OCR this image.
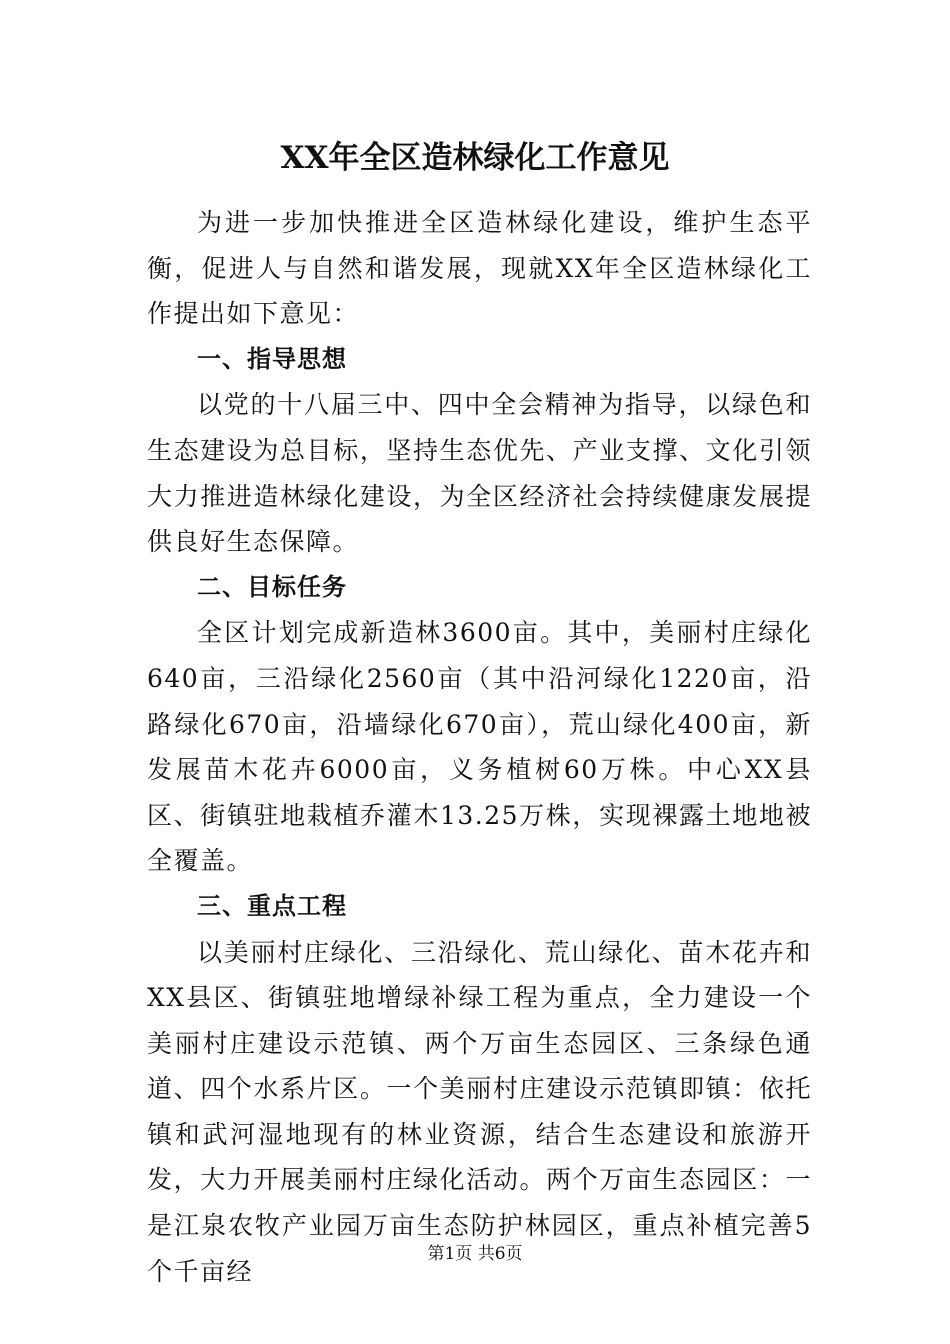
XX年全区造林绿化工作意见

为进一步加快推进全区造林绿化建设，维护生态平衡，促进人与自然和谐发展，现就XX年全区造林绿化工作提出如下意见：

一、指导思想

以党的十八届三中、四中全会精神为指导，以绿色和生态建设为总目标，坚持生态优先、产业支撑、文化引领大力推进造林绿化建设，为全区经济社会持续健康发展提供良好生态保障。

二、目标任务

全区计划完成新造林3600亩。其中，美丽村庄绿化640亩，三沿绿化2560亩（其中沿河绿化1220亩，沿路绿化670亩，沿墙绿化670亩），荒山绿化400亩，新发展苗木花卉6000亩，义务植树60万株。中心XX县区、街镇驻地栽植乔灌木13.25万株，实现裸露土地地被全覆盖。

三、重点工程

以美丽村庄绿化、三沿绿化、荒山绿化、苗木花卉和XX县区、街镇驻地增绿补绿工程为重点，全力建设一个美丽村庄建设示范镇、两个万亩生态园区、三条绿色通道、四个水系片区。一个美丽村庄建设示范镇即镇：依托镇和武河湿地现有的林业资源，结合生态建设和旅游开发，大力开展美丽村庄绿化活动。两个万亩生态园区：一是江泉农牧产业园万亩生态防护林园区，重点补植完善5个千亩经

第1页 共6页
